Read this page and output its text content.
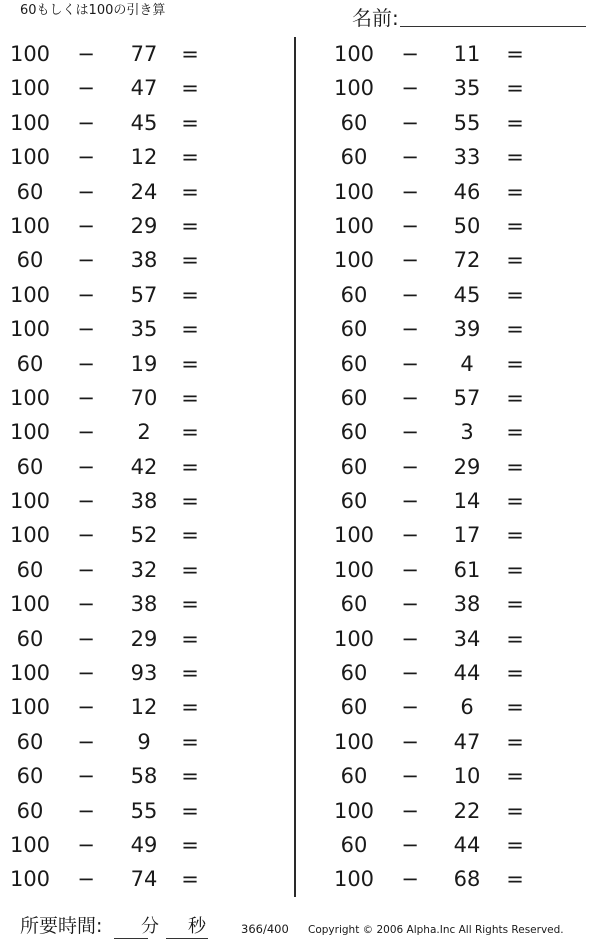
60もしくは100の引き算	名前:
100 −	77	=	100 −	11	=
100 −	47	=	100 −	35	=
100 −	45	=	60	−	55	=
100 −	12	=	60	−	33	=
60	−	24	=	100 −	46	=
100 −	29	=	100 −	50	=
60	−	38	=	100 −	72	=
100 −	57	=	60	−	45	=
100 −	35	=	60	−	39	=
60	−	19	=	60	−	4	=
100 −	70	=	60	−	57	=
100 −	2	=	60	−	3	=
60	−	42	=	60	−	29	=
100 −	38	=	60	−	14	=
100 −	52	=	100 −	17	=
60	−	32	=	100 −	61	=
100 −	38	=	60	−	38	=
60	−	29	=	100 −	34	=
100 −	93	=	60	−	44	=
100 −	12	=	60	−	6	=
60	−	9	=	100 −	47	=
60	−	58	=	60	−	10	=
60	−	55	=	100 −	22	=
100 −	49	=	60	−	44	=
100 −	74	=	100 −	68	=
所要時間: 分 秒	366/400 Copyright © 2006 Alpha.Inc All Rights Reserved.
